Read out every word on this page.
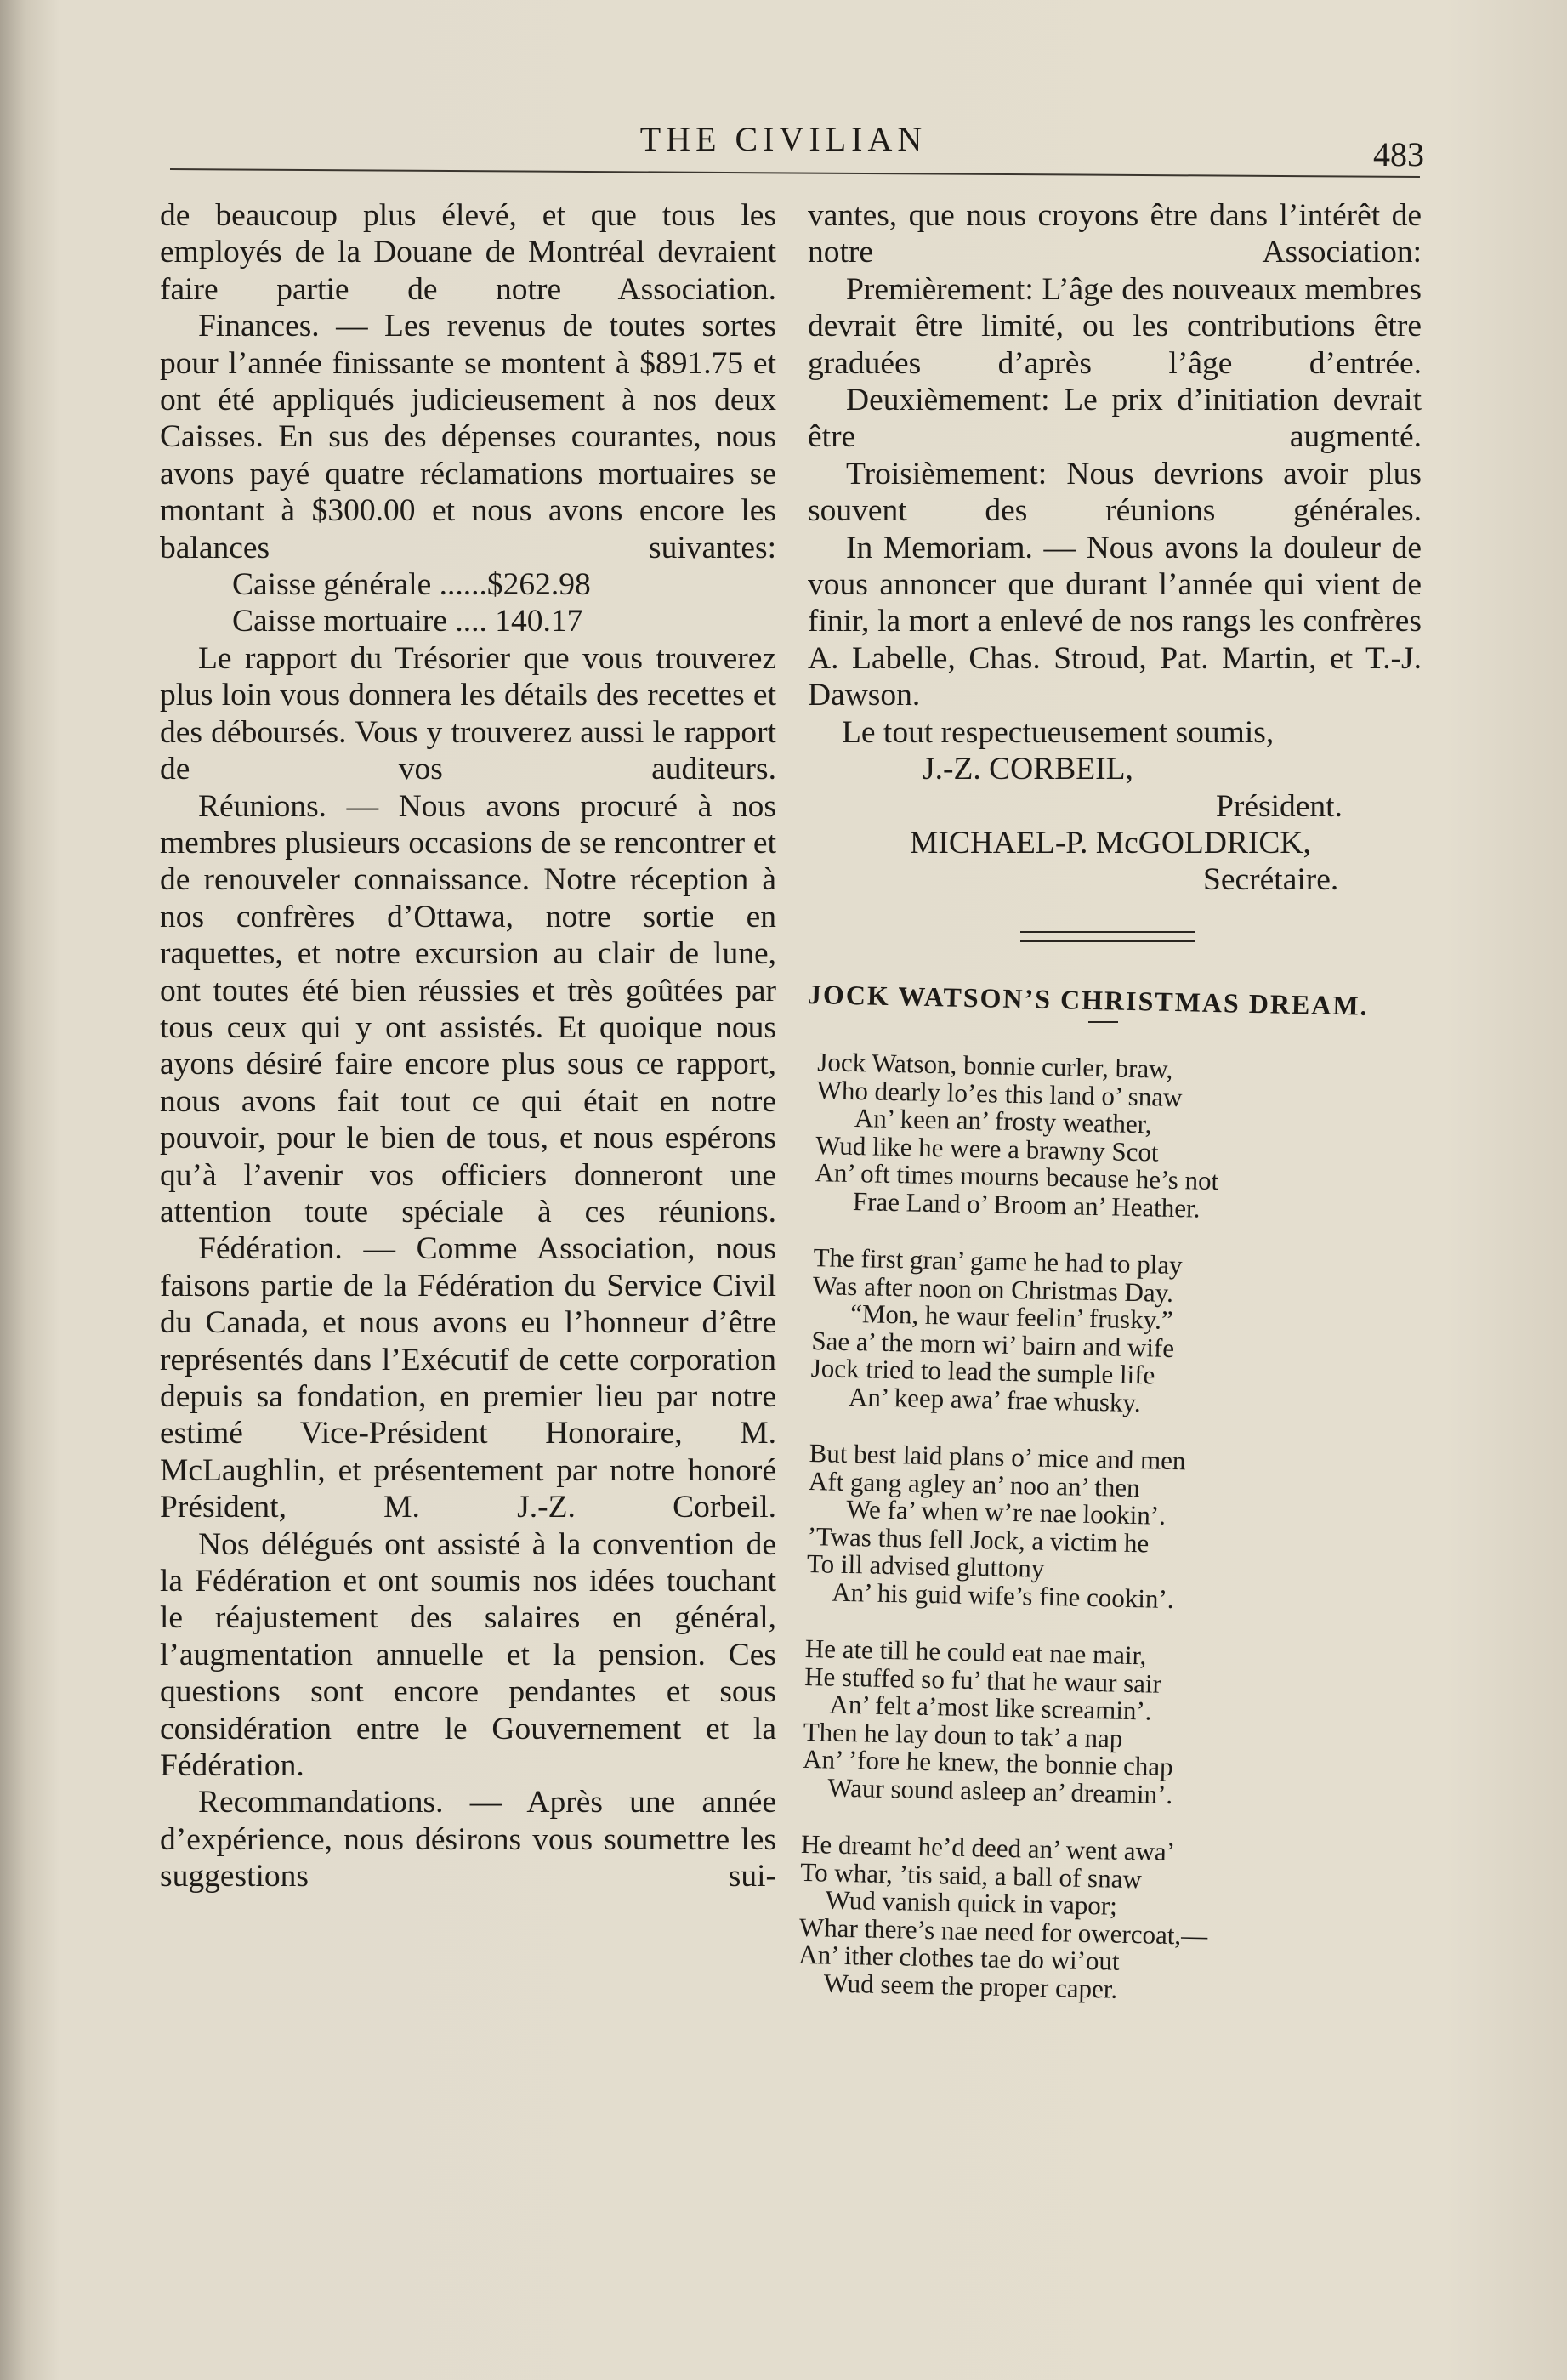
THE CIVILIAN	483

de beaucoup plus élevé, et que tous les employés de la Douane de Montréal devraient faire partie de notre Association.

Finances. — Les revenus de toutes sortes pour l’année finissante se montent à $891.75 et ont été appliqués judicieusement à nos deux Caisses. En sus des dépenses courantes, nous avons payé quatre réclamations mortuaires se montant à $300.00 et nous avons encore les balances suivantes:

Caisse générale ......$262.98

Caisse mortuaire .... 140.17

Le rapport du Trésorier que vous trouverez plus loin vous donnera les détails des recettes et des déboursés. Vous y trouverez aussi le rapport de vos auditeurs.

Réunions. — Nous avons procuré à nos membres plusieurs occasions de se rencontrer et de renouveler connaissance. Notre réception à nos confrères d’Ottawa, notre sortie en raquettes, et notre excursion au clair de lune, ont toutes été bien réussies et très goûtées par tous ceux qui y ont assistés. Et quoique nous ayons désiré faire encore plus sous ce rapport, nous avons fait tout ce qui était en notre pouvoir, pour le bien de tous, et nous espérons qu’à l’avenir vos officiers donneront une attention toute spéciale à ces réunions.

Fédération. — Comme Association, nous faisons partie de la Fédération du Service Civil du Canada, et nous avons eu l’honneur d’être représentés dans l’Exécutif de cette corporation depuis sa fondation, en premier lieu par notre estimé Vice-Président Honoraire, M. McLaughlin, et présentement par notre honoré Président, M. J.-Z. Corbeil.

Nos délégués ont assisté à la convention de la Fédération et ont soumis nos idées touchant le réajustement des salaires en général, l’augmentation annuelle et la pension. Ces questions sont encore pendantes et sous considération entre le Gouvernement et la Fédération.

Recommandations. — Après une année d’expérience, nous désirons vous soumettre les suggestions sui-

vantes, que nous croyons être dans l’intérêt de notre Association:

Premièrement: L’âge des nouveaux membres devrait être limité, ou les contributions être graduées d’après l’âge d’entrée.

Deuxièmement: Le prix d’initiation devrait être augmenté.

Troisièmement: Nous devrions avoir plus souvent des réunions générales.

In Memoriam. — Nous avons la douleur de vous annoncer que durant l’année qui vient de finir, la mort a enlevé de nos rangs les confrères A. Labelle, Chas. Stroud, Pat. Martin, et T.-J. Dawson.

Le tout respectueusement soumis,

J.-Z. CORBEIL,

Président.

MICHAEL-P. McGOLDRICK,

Secrétaire.

JOCK WATSON’S CHRISTMAS DREAM.

Jock Watson, bonnie curler, braw,

Who dearly lo’es this land o’ snaw

An’ keen an’ frosty weather,

Wud like he were a brawny Scot

An’ oft times mourns because he’s not

Frae Land o’ Broom an’ Heather.

The first gran’ game he had to play

Was after noon on Christmas Day.

“Mon, he waur feelin’ frusky.”

Sae a’ the morn wi’ bairn and wife

Jock tried to lead the sumple life

An’ keep awa’ frae whusky.

But best laid plans o’ mice and men

Aft gang agley an’ noo an’ then

We fa’ when w’re nae lookin’.

’Twas thus fell Jock, a victim he

To ill advised gluttony

An’ his guid wife’s fine cookin’.

He ate till he could eat nae mair,

He stuffed so fu’ that he waur sair

An’ felt a’most like screamin’.

Then he lay doun to tak’ a nap

An’ ’fore he knew, the bonnie chap

Waur sound asleep an’ dreamin’.

He dreamt he’d deed an’ went awa’

To whar, ’tis said, a ball of snaw

Wud vanish quick in vapor;

Whar there’s nae need for owercoat,—

An’ ither clothes tae do wi’out

Wud seem the proper caper.
